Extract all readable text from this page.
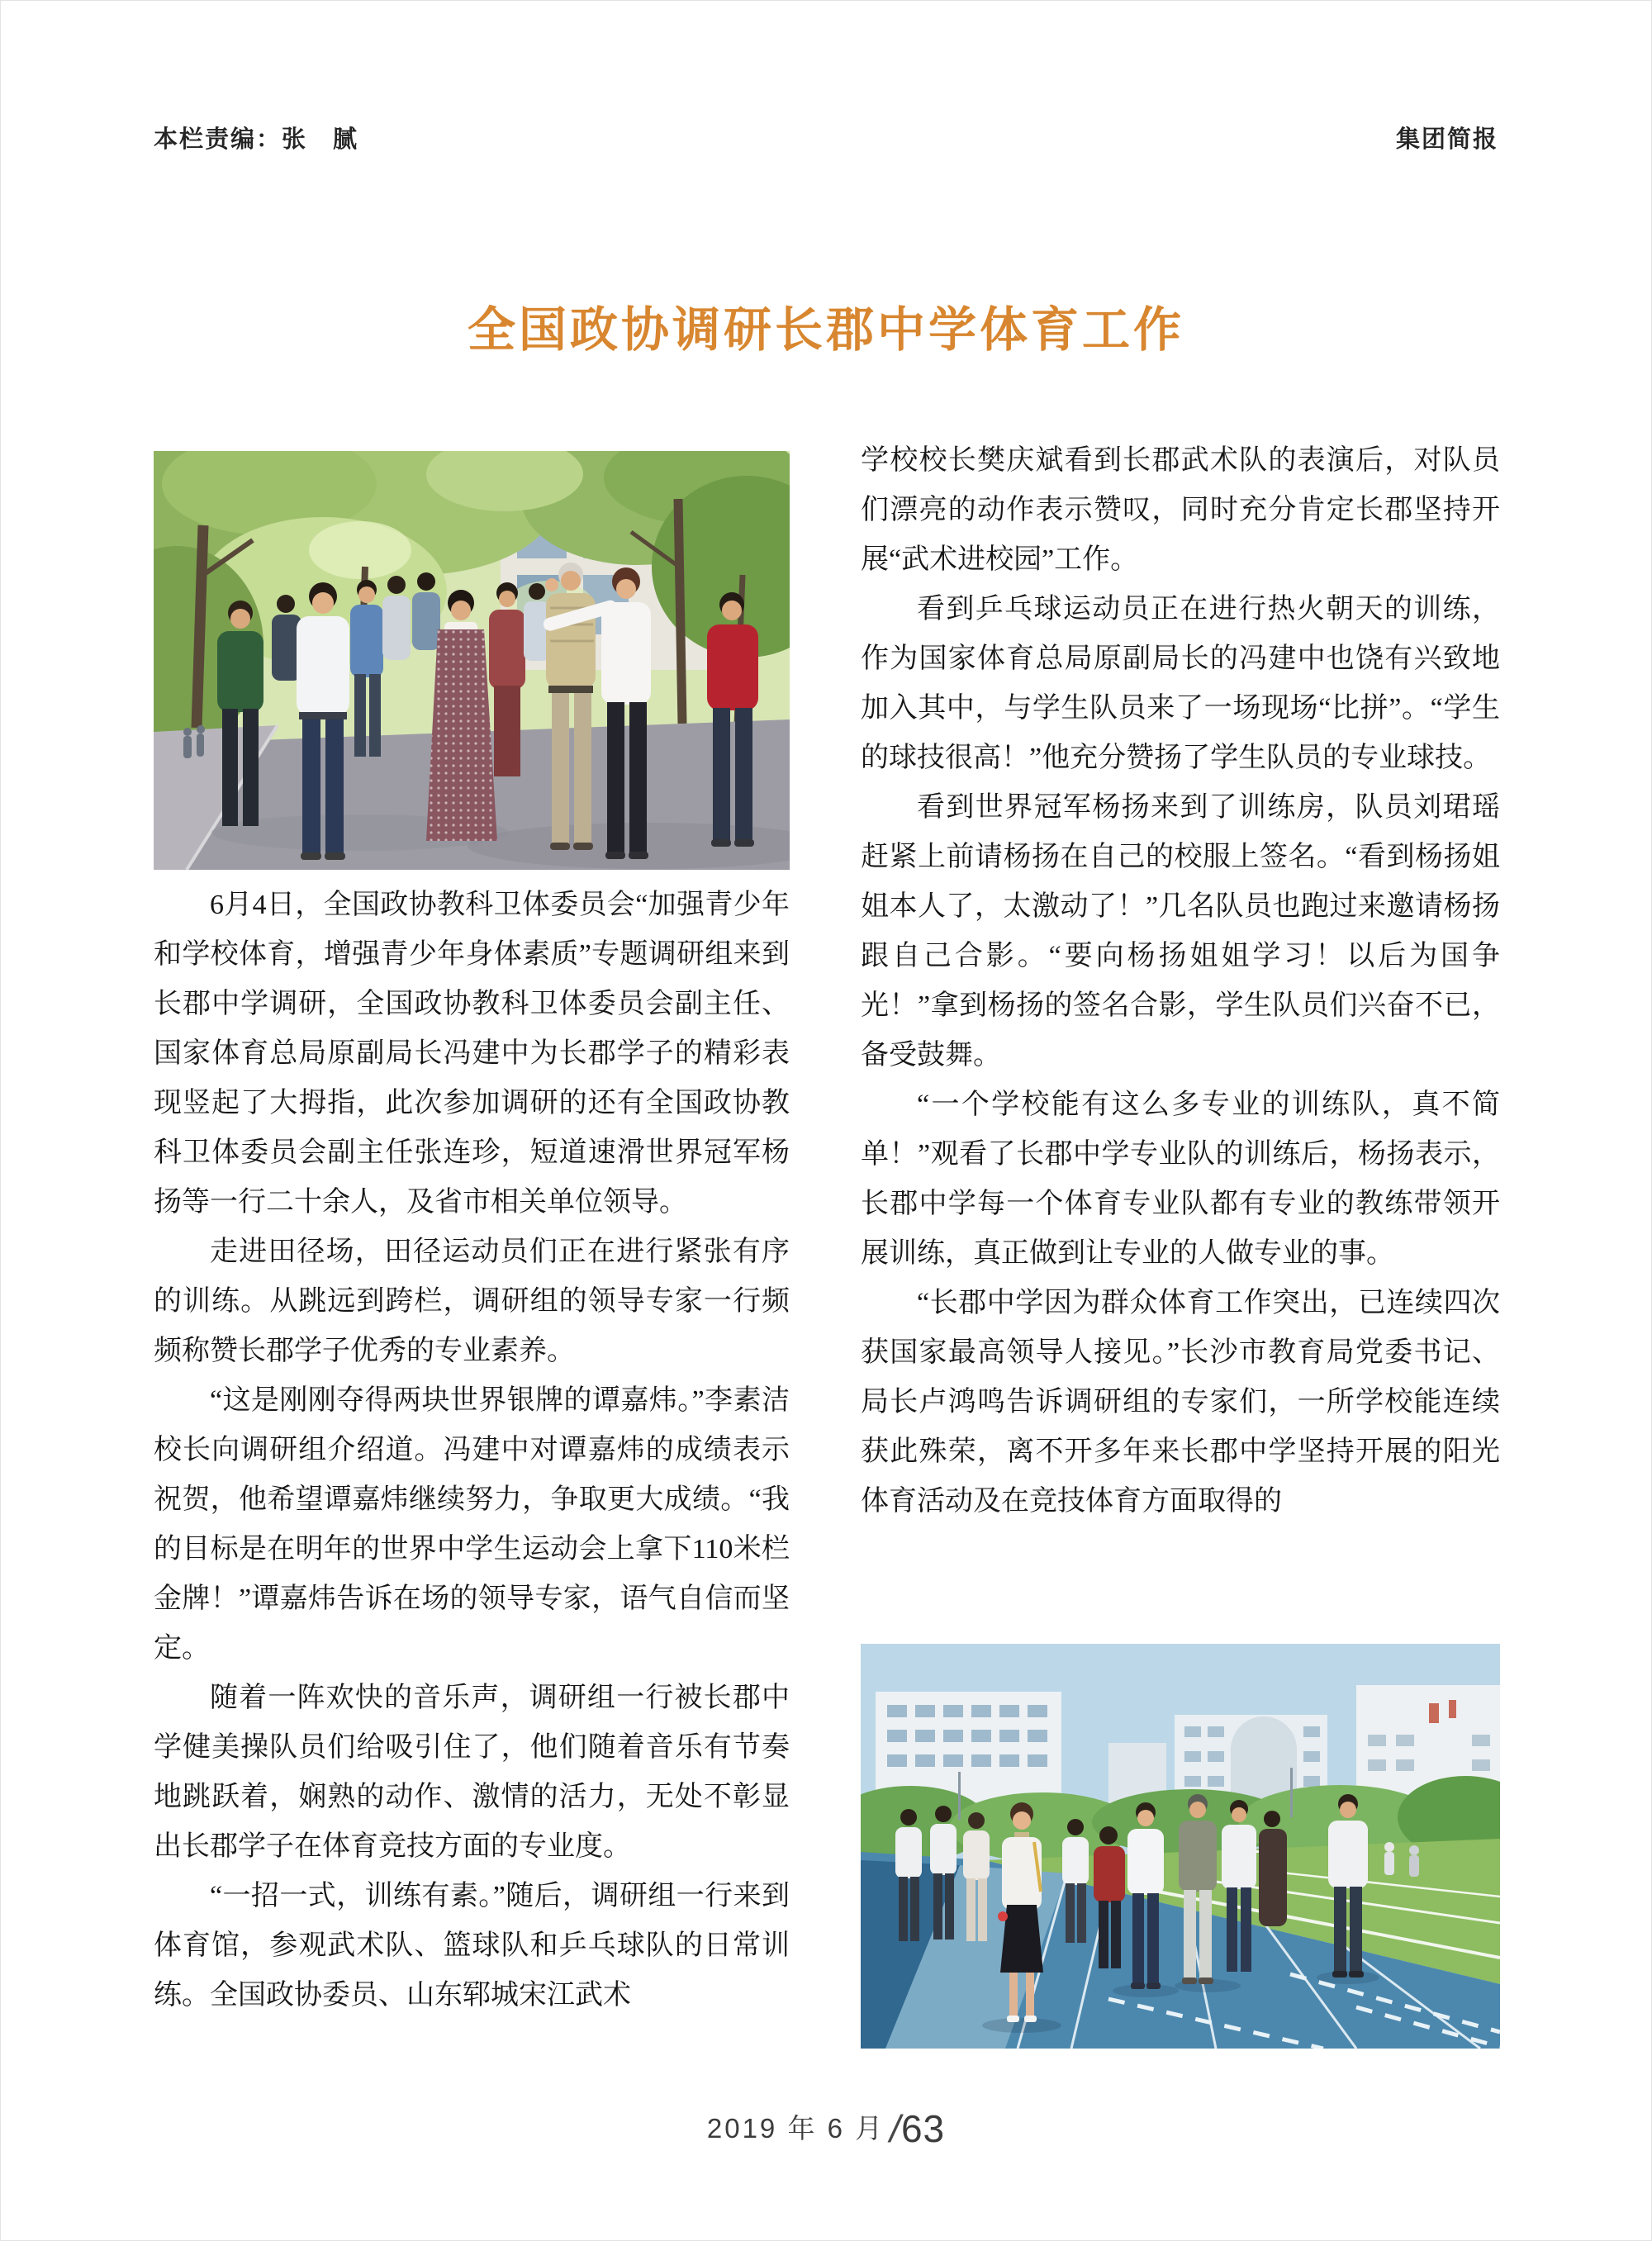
本栏责编：张　腻	集团简报
全国政协调研长郡中学体育工作

6月4日，全国政协教科卫体委员会“加强青少年和学校体育，增强青少年身体素质”专题调研组来到长郡中学调研，全国政协教科卫体委员会副主任、国家体育总局原副局长冯建中为长郡学子的精彩表现竖起了大拇指，此次参加调研的还有全国政协教科卫体委员会副主任张连珍，短道速滑世界冠军杨扬等一行二十余人，及省市相关单位领导。

走进田径场，田径运动员们正在进行紧张有序的训练。从跳远到跨栏，调研组的领导专家一行频频称赞长郡学子优秀的专业素养。

“这是刚刚夺得两块世界银牌的谭嘉炜。”李素洁校长向调研组介绍道。冯建中对谭嘉炜的成绩表示祝贺，他希望谭嘉炜继续努力，争取更大成绩。“我的目标是在明年的世界中学生运动会上拿下110米栏金牌！”谭嘉炜告诉在场的领导专家，语气自信而坚定。

随着一阵欢快的音乐声，调研组一行被长郡中学健美操队员们给吸引住了，他们随着音乐有节奏地跳跃着，娴熟的动作、激情的活力，无处不彰显出长郡学子在体育竞技方面的专业度。

“一招一式，训练有素。”随后，调研组一行来到体育馆，参观武术队、篮球队和乒乓球队的日常训练。全国政协委员、山东郓城宋江武术

学校校长樊庆斌看到长郡武术队的表演后，对队员们漂亮的动作表示赞叹，同时充分肯定长郡坚持开展“武术进校园”工作。

看到乒乓球运动员正在进行热火朝天的训练，作为国家体育总局原副局长的冯建中也饶有兴致地加入其中，与学生队员来了一场现场“比拼”。“学生的球技很高！”他充分赞扬了学生队员的专业球技。

看到世界冠军杨扬来到了训练房，队员刘珺瑶赶紧上前请杨扬在自己的校服上签名。“看到杨扬姐姐本人了，太激动了！”几名队员也跑过来邀请杨扬跟自己合影。“要向杨扬姐姐学习！以后为国争光！”拿到杨扬的签名合影，学生队员们兴奋不已，备受鼓舞。

“一个学校能有这么多专业的训练队，真不简单！”观看了长郡中学专业队的训练后，杨扬表示，长郡中学每一个体育专业队都有专业的教练带领开展训练，真正做到让专业的人做专业的事。

“长郡中学因为群众体育工作突出，已连续四次获国家最高领导人接见。”长沙市教育局党委书记、局长卢鸿鸣告诉调研组的专家们，一所学校能连续获此殊荣，离不开多年来长郡中学坚持开展的阳光体育活动及在竞技体育方面取得的

2019 年 6 月 /63
